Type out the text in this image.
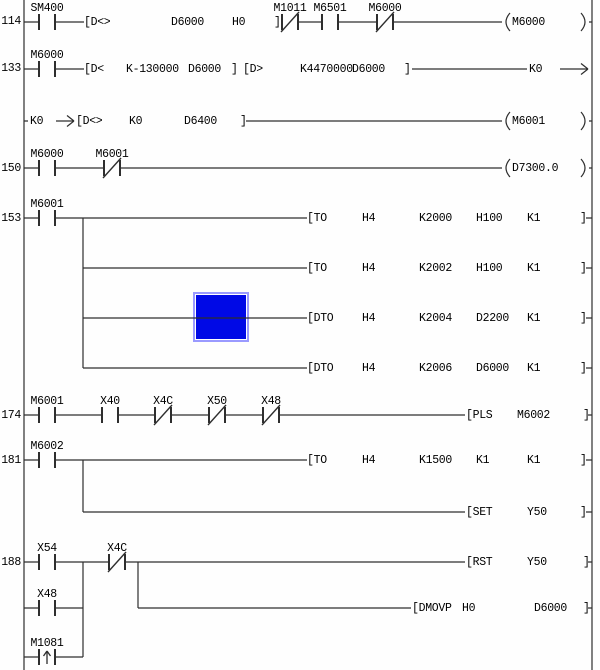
114
133
150
153
174
181
188
SM400
[D<>	D6000 H0	]
M1011 M6501 M6000
M6000
M6000
[D< K-130000 D6000 ] [D>	K4470000 D6000 ]	K0
K0	[D<> K0	D6400 ]	M6001
M6000	M6001
D7300.0
M6001
[TO	H4	K2000 H100 K1	]
[TO	H4	K2002 H100 K1	]
[DTO H4	K2004 D2200 K1	]
[DTO H4	K2006 D6000 K1	]
M6001	X40	X4C	X50	X48
[PLS M6002	]
M6002
[TO	H4	K1500 K1	K1	]
[SET	Y50	]
X54	X4C
[RST	Y50	]
X48
[DMOVP H0	D6000 ]
M1081
